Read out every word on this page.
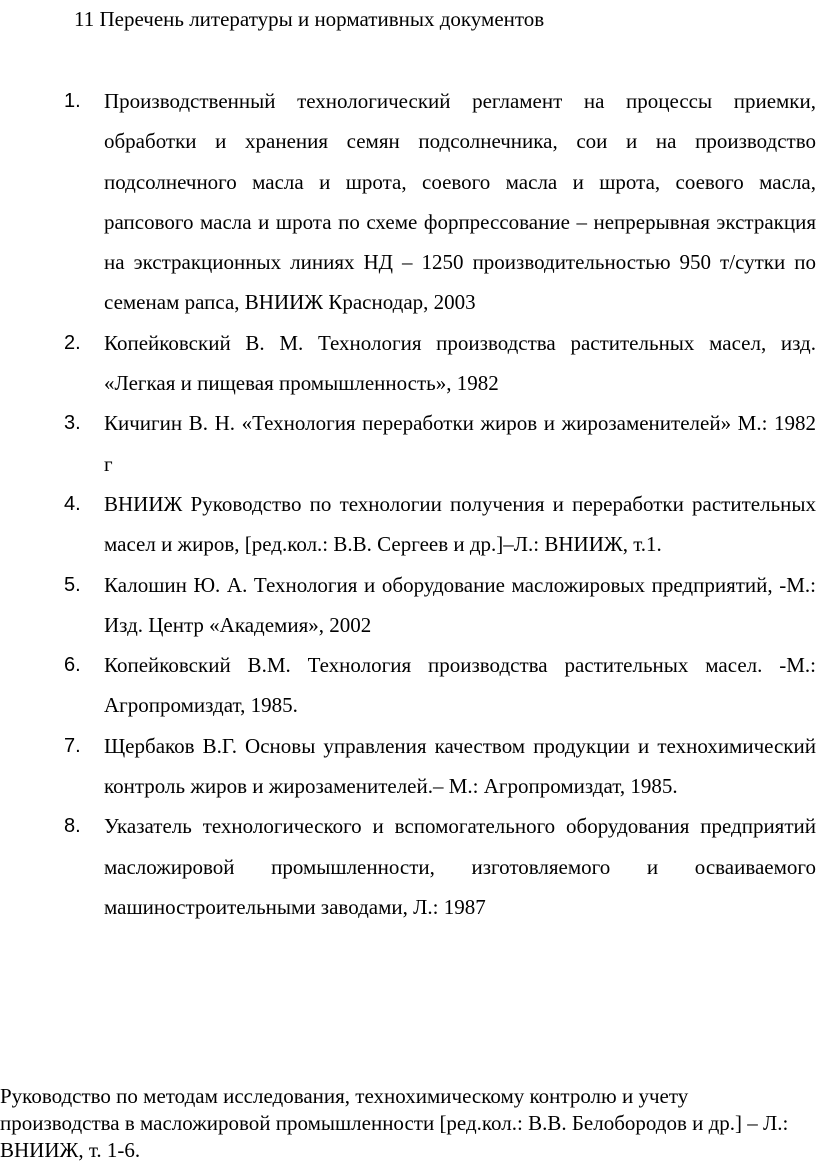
11 Перечень литературы и нормативных документов
1. Производственный технологический регламент на процессы приемки, обработки и хранения семян подсолнечника, сои и на производство подсолнечного масла и шрота, соевого масла и шрота, соевого масла, рапсового масла и шрота по схеме форпрессование – непрерывная экстракция на экстракционных линиях НД – 1250 производительностью 950 т/сутки по семенам рапса, ВНИИЖ Краснодар, 2003
2. Копейковский В. М. Технология производства растительных масел, изд. «Легкая и пищевая промышленность», 1982
3. Кичигин В. Н. «Технология переработки жиров и жирозаменителей» М.: 1982 г
4. ВНИИЖ Руководство по технологии получения и переработки растительных масел и жиров, [ред.кол.: В.В. Сергеев и др.]–Л.: ВНИИЖ, т.1.
5. Калошин Ю. А. Технология и оборудование масложировых предприятий, -М.: Изд. Центр «Академия», 2002
6. Копейковский В.М. Технология производства растительных масел. -М.: Агропромиздат, 1985.
7. Щербаков В.Г. Основы управления качеством продукции и технохимический контроль жиров и жирозаменителей.– М.: Агропромиздат, 1985.
8. Указатель технологического и вспомогательного оборудования предприятий масложировой промышленности, изготовляемого и осваиваемого машиностроительными заводами, Л.: 1987

Руководство по методам исследования, технохимическому контролю и учету производства в масложировой промышленности [ред.кол.: В.В. Белобородов и др.] – Л.: ВНИИЖ, т. 1-6.
